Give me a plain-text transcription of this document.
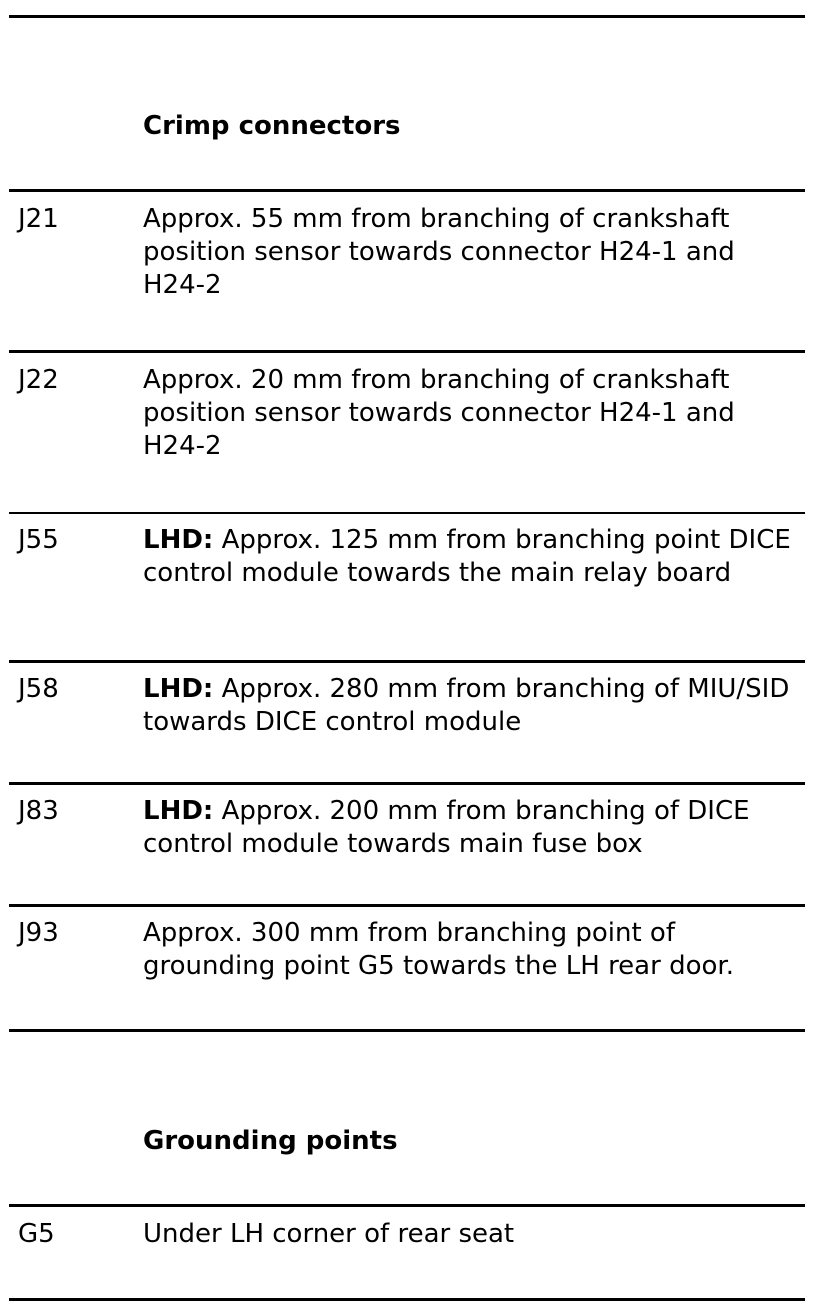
Crimp connectors
J21	Approx. 55 mm from branching of crankshaft position sensor towards connector H24-1 and H24-2
J22	Approx. 20 mm from branching of crankshaft position sensor towards connector H24-1 and H24-2
J55	LHD: Approx. 125 mm from branching point DICE control module towards the main relay board
J58	LHD: Approx. 280 mm from branching of MIU/SID towards DICE control module
J83	LHD: Approx. 200 mm from branching of DICE control module towards main fuse box
J93	Approx. 300 mm from branching point of grounding point G5 towards the LH rear door.
Grounding points
G5	Under LH corner of rear seat
